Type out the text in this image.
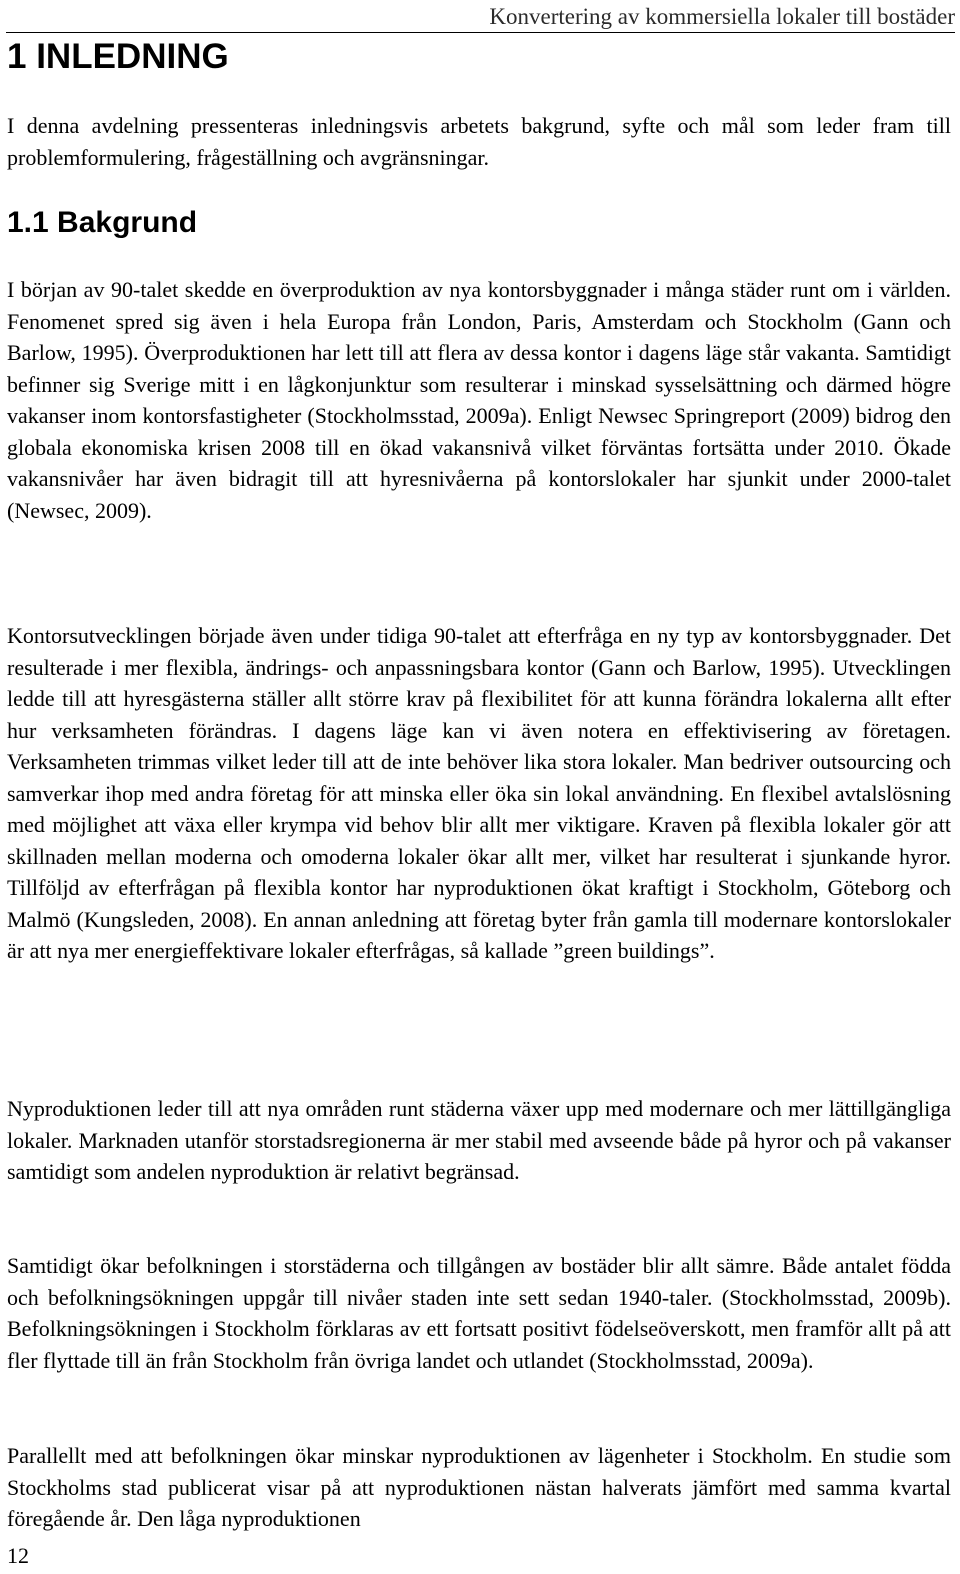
Konvertering av kommersiella lokaler till bostäder
1 INLEDNING

I denna avdelning pressenteras inledningsvis arbetets bakgrund, syfte och mål som leder fram till problemformulering, frågeställning och avgränsningar.

1.1 Bakgrund

I början av 90-talet skedde en överproduktion av nya kontorsbyggnader i många städer runt om i världen. Fenomenet spred sig även i hela Europa från London, Paris, Amsterdam och Stockholm (Gann och Barlow, 1995). Överproduktionen har lett till att flera av dessa kontor i dagens läge står vakanta. Samtidigt befinner sig Sverige mitt i en lågkonjunktur som resulterar i minskad sysselsättning och därmed högre vakanser inom kontorsfastigheter (Stockholmsstad, 2009a). Enligt Newsec Springreport (2009) bidrog den globala ekonomiska krisen 2008 till en ökad vakansnivå vilket förväntas fortsätta under 2010. Ökade vakansnivåer har även bidragit till att hyresnivåerna på kontorslokaler har sjunkit under 2000-talet (Newsec, 2009).

Kontorsutvecklingen började även under tidiga 90-talet att efterfråga en ny typ av kontorsbyggnader. Det resulterade i mer flexibla, ändrings- och anpassningsbara kontor (Gann och Barlow, 1995). Utvecklingen ledde till att hyresgästerna ställer allt större krav på flexibilitet för att kunna förändra lokalerna allt efter hur verksamheten förändras. I dagens läge kan vi även notera en effektivisering av företagen. Verksamheten trimmas vilket leder till att de inte behöver lika stora lokaler. Man bedriver outsourcing och samverkar ihop med andra företag för att minska eller öka sin lokal användning. En flexibel avtalslösning med möjlighet att växa eller krympa vid behov blir allt mer viktigare. Kraven på flexibla lokaler gör att skillnaden mellan moderna och omoderna lokaler ökar allt mer, vilket har resulterat i sjunkande hyror. Tillföljd av efterfrågan på flexibla kontor har nyproduktionen ökat kraftigt i Stockholm, Göteborg och Malmö (Kungsleden, 2008). En annan anledning att företag byter från gamla till modernare kontorslokaler är att nya mer energieffektivare lokaler efterfrågas, så kallade ”green buildings”.

Nyproduktionen leder till att nya områden runt städerna växer upp med modernare och mer lättillgängliga lokaler. Marknaden utanför storstadsregionerna är mer stabil med avseende både på hyror och på vakanser samtidigt som andelen nyproduktion är relativt begränsad.

Samtidigt ökar befolkningen i storstäderna och tillgången av bostäder blir allt sämre. Både antalet födda och befolkningsökningen uppgår till nivåer staden inte sett sedan 1940-taler. (Stockholmsstad, 2009b). Befolkningsökningen i Stockholm förklaras av ett fortsatt positivt födelseöverskott, men framför allt på att fler flyttade till än från Stockholm från övriga landet och utlandet (Stockholmsstad, 2009a).

Parallellt med att befolkningen ökar minskar nyproduktionen av lägenheter i Stockholm. En studie som Stockholms stad publicerat visar på att nyproduktionen nästan halverats jämfört med samma kvartal föregående år. Den låga nyproduktionen

12
